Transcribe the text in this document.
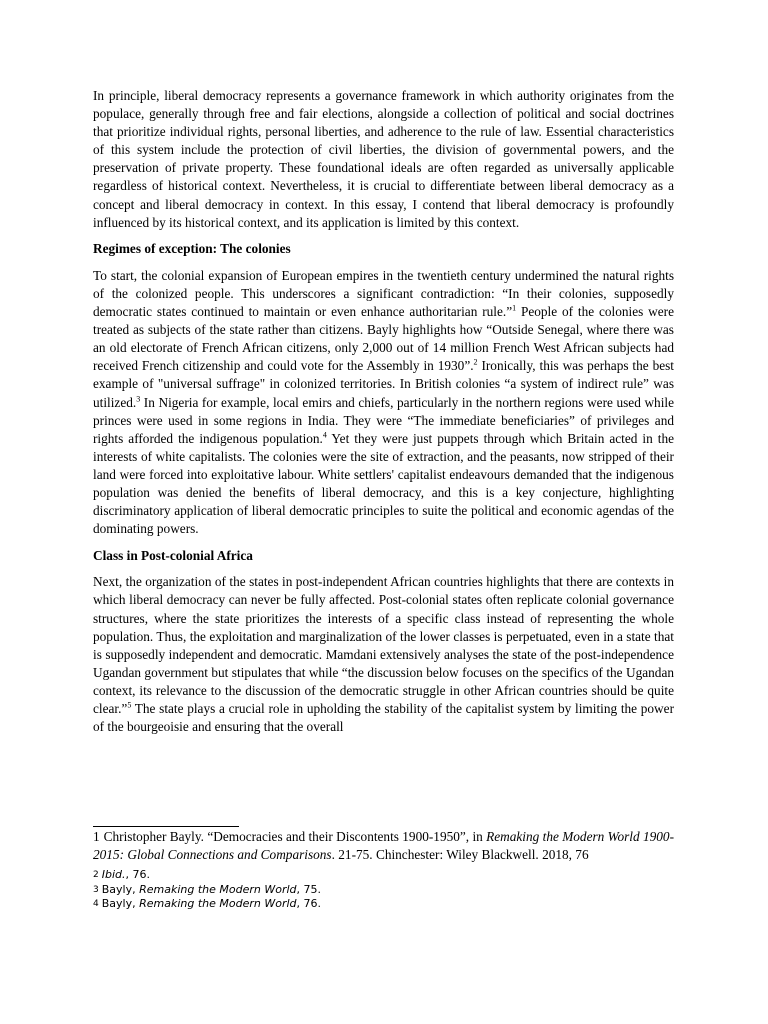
In principle, liberal democracy represents a governance framework in which authority originates from the populace, generally through free and fair elections, alongside a collection of political and social doctrines that prioritize individual rights, personal liberties, and adherence to the rule of law. Essential characteristics of this system include the protection of civil liberties, the division of governmental powers, and the preservation of private property. These foundational ideals are often regarded as universally applicable regardless of historical context. Nevertheless, it is crucial to differentiate between liberal democracy as a concept and liberal democracy in context. In this essay, I contend that liberal democracy is profoundly influenced by its historical context, and its application is limited by this context.

Regimes of exception: The colonies

To start, the colonial expansion of European empires in the twentieth century undermined the natural rights of the colonized people. This underscores a significant contradiction: “In their colonies, supposedly democratic states continued to maintain or even enhance authoritarian rule.”$^1$ People of the colonies were treated as subjects of the state rather than citizens. Bayly highlights how “Outside Senegal, where there was an old electorate of French African citizens, only 2,000 out of 14 million French West African subjects had received French citizenship and could vote for the Assembly in 1930”.$^2$ Ironically, this was perhaps the best example of "universal suffrage" in colonized territories. In British colonies “a system of indirect rule” was utilized.$^3$ In Nigeria for example, local emirs and chiefs, particularly in the northern regions were used while princes were used in some regions in India. They were “The immediate beneficiaries” of privileges and rights afforded the indigenous population.$^4$ Yet they were just puppets through which Britain acted in the interests of white capitalists. The colonies were the site of extraction, and the peasants, now stripped of their land were forced into exploitative labour. White settlers' capitalist endeavours demanded that the indigenous population was denied the benefits of liberal democracy, and this is a key conjecture, highlighting discriminatory application of liberal democratic principles to suite the political and economic agendas of the dominating powers.

Class in Post-colonial Africa

Next, the organization of the states in post-independent African countries highlights that there are contexts in which liberal democracy can never be fully affected. Post-colonial states often replicate colonial governance structures, where the state prioritizes the interests of a specific class instead of representing the whole population. Thus, the exploitation and marginalization of the lower classes is perpetuated, even in a state that is supposedly independent and democratic. Mamdani extensively analyses the state of the post-independence Ugandan government but stipulates that while “the discussion below focuses on the specifics of the Ugandan context, its relevance to the discussion of the democratic struggle in other African countries should be quite clear.”$^5$ The state plays a crucial role in upholding the stability of the capitalist system by limiting the power of the bourgeoisie and ensuring that the overall

1 Christopher Bayly. “Democracies and their Discontents 1900-1950”, in Remaking the Modern World 1900-2015: Global Connections and Comparisons. 21-75. Chinchester: Wiley Blackwell. 2018, 76

$^2$ Ibid., 76.

$^3$ Bayly, Remaking the Modern World, 75.

$^4$ Bayly, Remaking the Modern World, 76.
